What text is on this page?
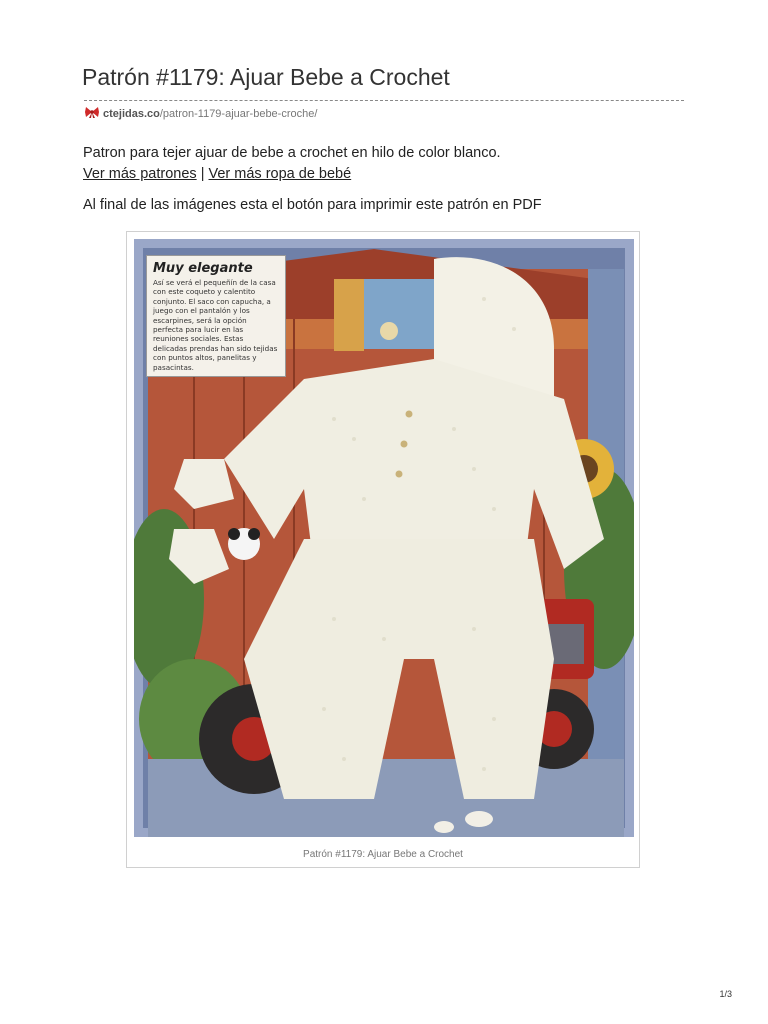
Patrón #1179: Ajuar Bebe a Crochet
ctejidas.co/patron-1179-ajuar-bebe-croche/
Patron para tejer ajuar de bebe a crochet en hilo de color blanco.
Ver más patrones | Ver más ropa de bebé
Al final de las imágenes esta el botón para imprimir este patrón en PDF
Muy elegante
Así se verá el pequeñín de la casa con este coqueto y calentito conjunto. El saco con capucha, a juego con el pantalón y los escarpines, será la opción perfecta para lucir en las reuniones sociales. Estas delicadas prendas han sido tejidas con puntos altos, panelitas y pasacintas.
Patrón #1179: Ajuar Bebe a Crochet
1/3
